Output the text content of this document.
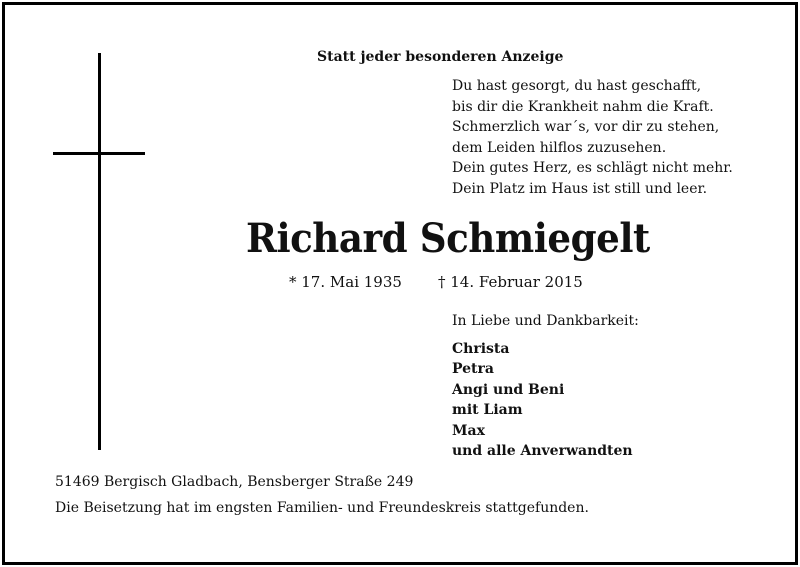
Statt jeder besonderen Anzeige
Du hast gesorgt, du hast geschafft,
bis dir die Krankheit nahm die Kraft.
Schmerzlich war´s, vor dir zu stehen,
dem Leiden hilflos zuzusehen.
Dein gutes Herz, es schlägt nicht mehr.
Dein Platz im Haus ist still und leer.
Richard Schmiegelt
* 17. Mai 1935 † 14. Februar 2015
In Liebe und Dankbarkeit:
Christa
Petra
Angi und Beni
mit Liam
Max
und alle Anverwandten
51469 Bergisch Gladbach, Bensberger Straße 249
Die Beisetzung hat im engsten Familien- und Freundeskreis stattgefunden.
